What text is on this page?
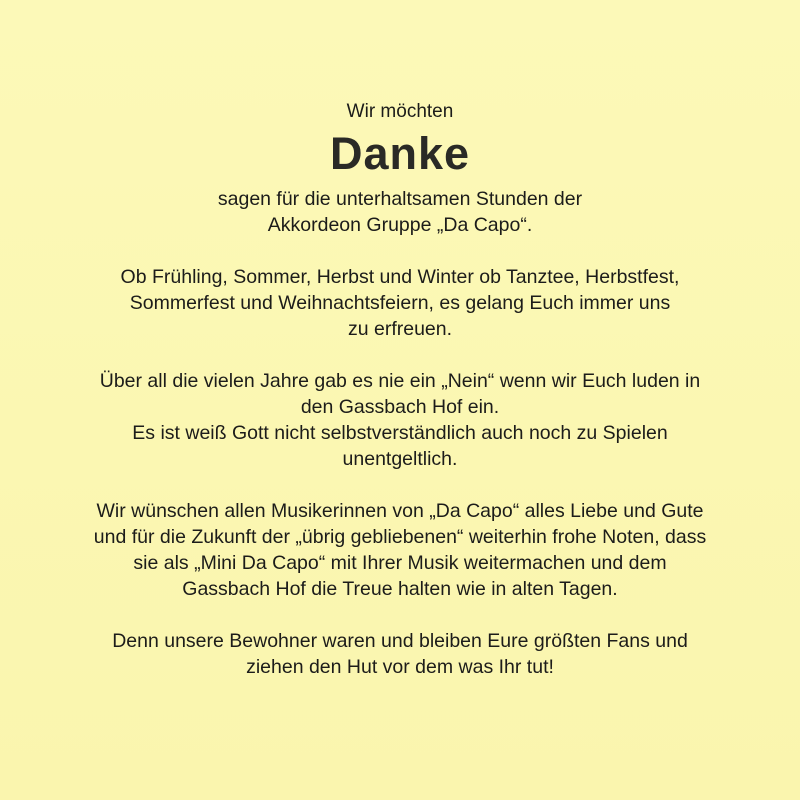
Wir möchten

Danke

sagen für die unterhaltsamen Stunden der
Akkordeon Gruppe „Da Capo“.

Ob Frühling, Sommer, Herbst und Winter ob Tanztee, Herbstfest,
Sommerfest und Weihnachtsfeiern, es gelang Euch immer uns
zu erfreuen.

Über all die vielen Jahre gab es nie ein „Nein“ wenn wir Euch luden in
den Gassbach Hof ein.
Es ist weiß Gott nicht selbstverständlich auch noch zu Spielen
unentgeltlich.

Wir wünschen allen Musikerinnen von „Da Capo“ alles Liebe und Gute
und für die Zukunft der „übrig gebliebenen“ weiterhin frohe Noten, dass
sie als „Mini Da Capo“ mit Ihrer Musik weitermachen und dem
Gassbach Hof die Treue halten wie in alten Tagen.

Denn unsere Bewohner waren und bleiben Eure größten Fans und
ziehen den Hut vor dem was Ihr tut!
